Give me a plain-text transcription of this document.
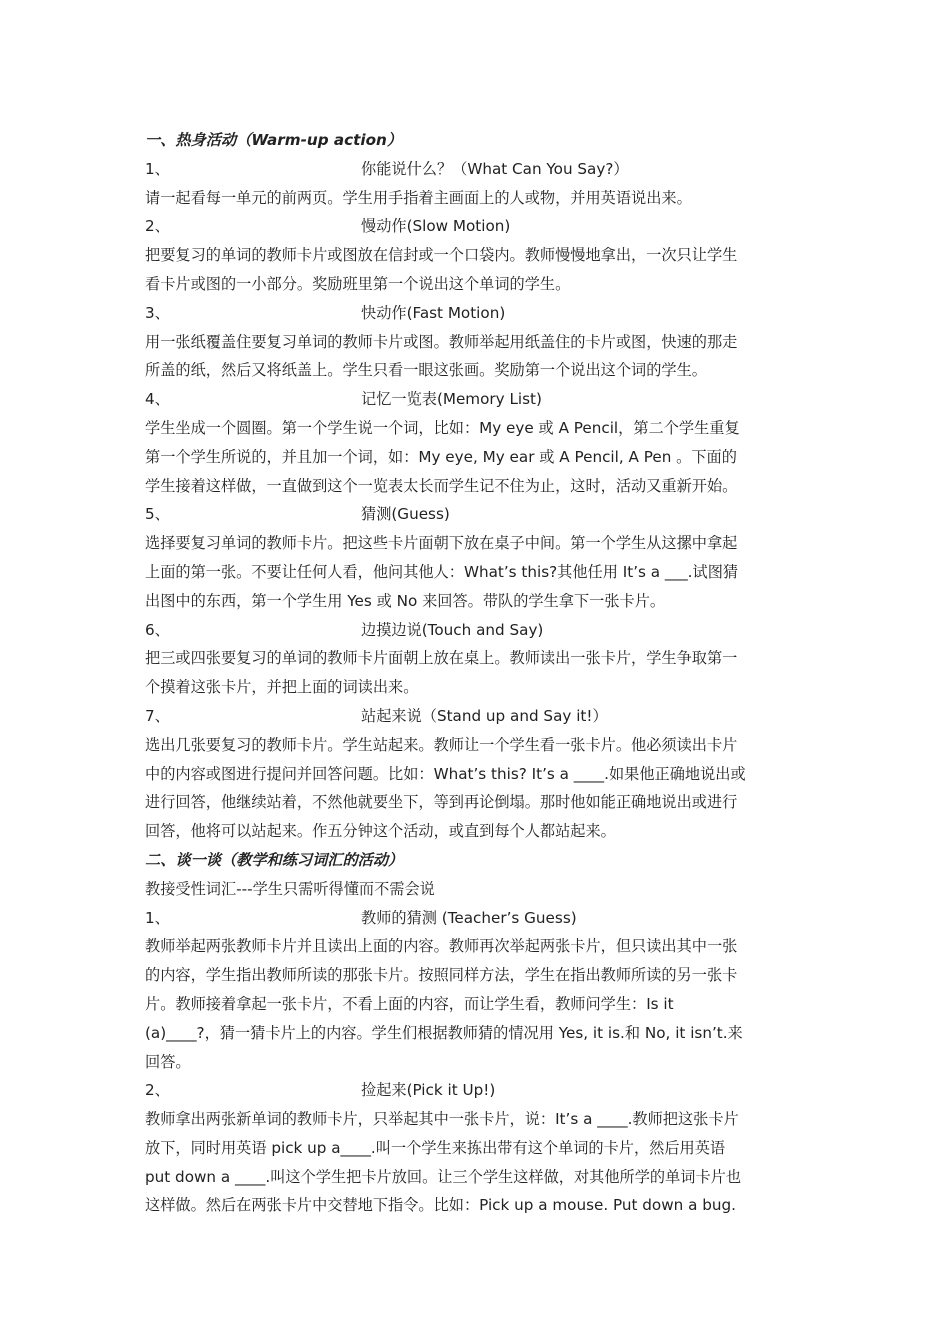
一、热身活动（Warm-up action）
1、	你能说什么？（What Can You Say?）
请一起看每一单元的前两页。学生用手指着主画面上的人或物，并用英语说出来。
2、	慢动作(Slow Motion)
把要复习的单词的教师卡片或图放在信封或一个口袋内。教师慢慢地拿出，一次只让学生
看卡片或图的一小部分。奖励班里第一个说出这个单词的学生。
3、	快动作(Fast Motion)
用一张纸覆盖住要复习单词的教师卡片或图。教师举起用纸盖住的卡片或图，快速的那走
所盖的纸，然后又将纸盖上。学生只看一眼这张画。奖励第一个说出这个词的学生。
4、	记忆一览表(Memory List)
学生坐成一个圆圈。第一个学生说一个词，比如：My eye 或 A Pencil，第二个学生重复
第一个学生所说的，并且加一个词，如：My eye, My ear 或 A Pencil, A Pen 。下面的
学生接着这样做，一直做到这个一览表太长而学生记不住为止，这时，活动又重新开始。
5、	猜测(Guess)
选择要复习单词的教师卡片。把这些卡片面朝下放在桌子中间。第一个学生从这摞中拿起
上面的第一张。不要让任何人看，他问其他人：What’s this?其他任用 It’s a ___.试图猜
出图中的东西，第一个学生用 Yes 或 No 来回答。带队的学生拿下一张卡片。
6、	边摸边说(Touch and Say)
把三或四张要复习的单词的教师卡片面朝上放在桌上。教师读出一张卡片，学生争取第一
个摸着这张卡片，并把上面的词读出来。
7、	站起来说（Stand up and Say it!）
选出几张要复习的教师卡片。学生站起来。教师让一个学生看一张卡片。他必须读出卡片
中的内容或图进行提问并回答问题。比如：What’s this? It’s a ____.如果他正确地说出或
进行回答，他继续站着，不然他就要坐下，等到再论倒塌。那时他如能正确地说出或进行
回答，他将可以站起来。作五分钟这个活动，或直到每个人都站起来。
二、谈一谈（教学和练习词汇的活动）
教接受性词汇---学生只需听得懂而不需会说
1、	教师的猜测 (Teacher’s Guess)
教师举起两张教师卡片并且读出上面的内容。教师再次举起两张卡片，但只读出其中一张
的内容，学生指出教师所读的那张卡片。按照同样方法，学生在指出教师所读的另一张卡
片。教师接着拿起一张卡片，不看上面的内容，而让学生看，教师问学生：Is it
(a)____?，猜一猜卡片上的内容。学生们根据教师猜的情况用 Yes, it is.和 No, it isn’t.来
回答。
2、	捡起来(Pick it Up!)
教师拿出两张新单词的教师卡片，只举起其中一张卡片，说：It’s a ____.教师把这张卡片
放下，同时用英语 pick up a____.叫一个学生来拣出带有这个单词的卡片，然后用英语
put down a ____.叫这个学生把卡片放回。让三个学生这样做，对其他所学的单词卡片也
这样做。然后在两张卡片中交替地下指令。比如：Pick up a mouse. Put down a bug.
